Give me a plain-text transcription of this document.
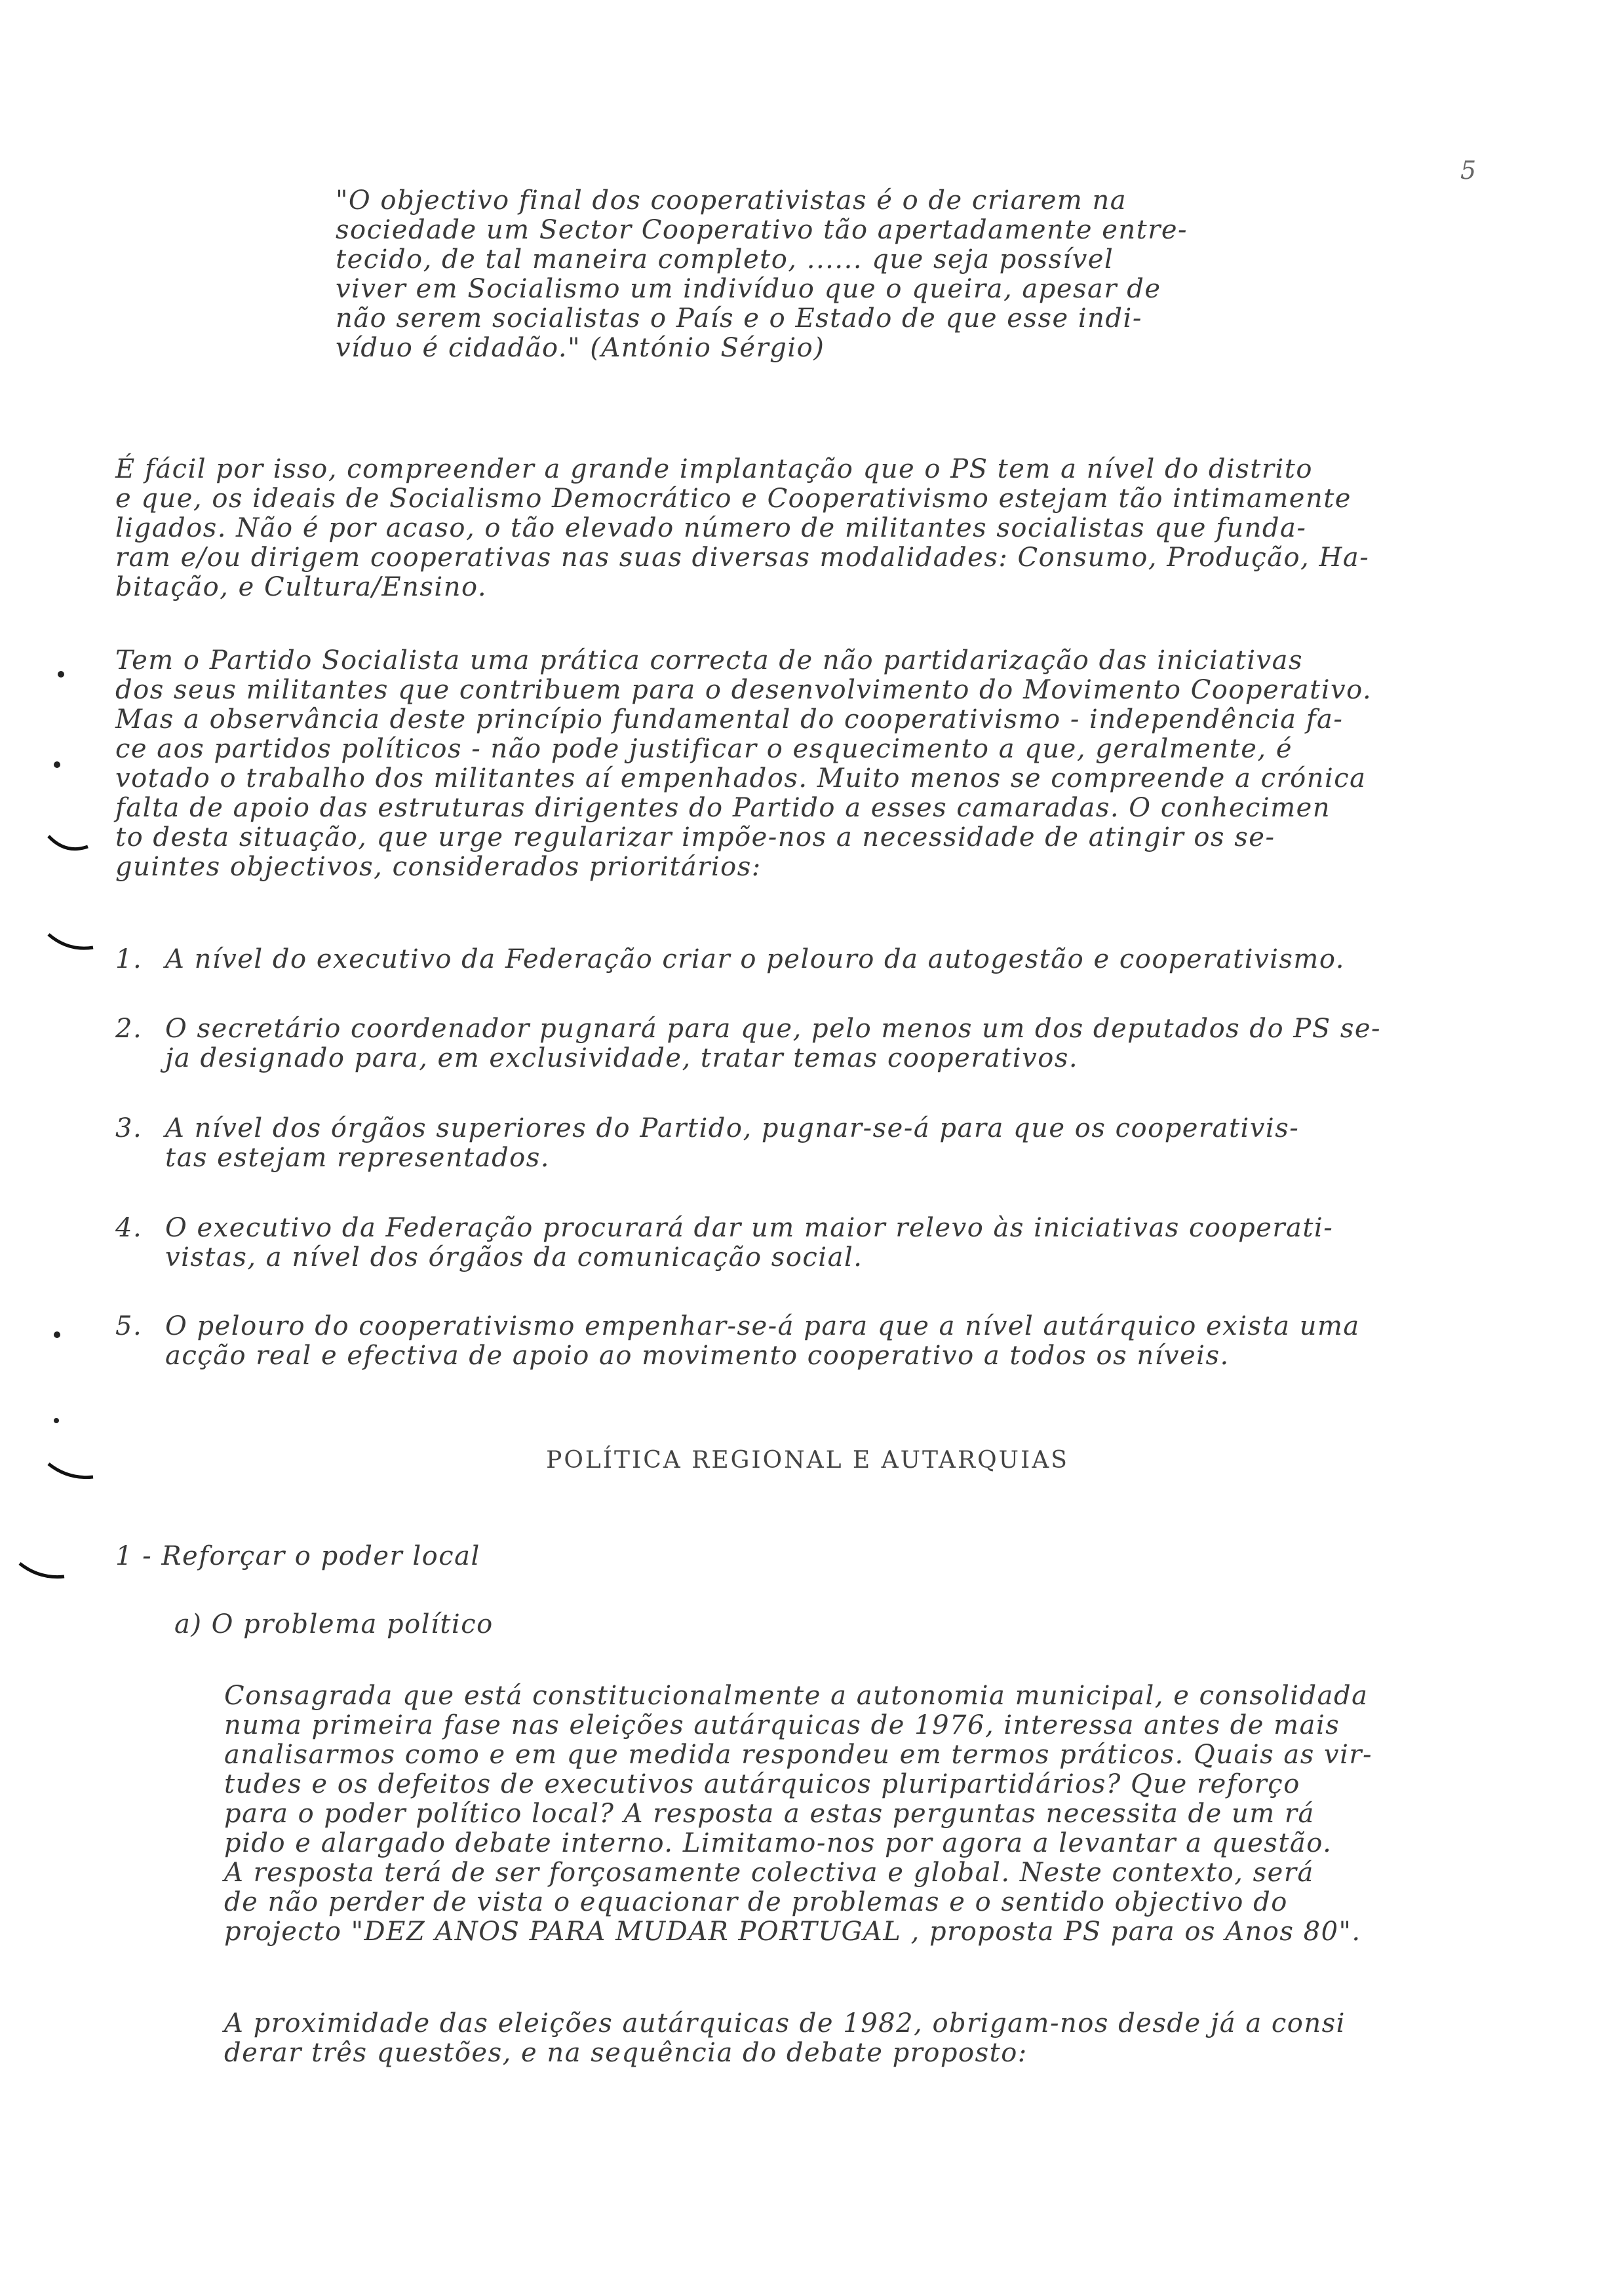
5
"O objectivo final dos cooperativistas é o de criarem na
sociedade um Sector Cooperativo tão apertadamente entre-
tecido, de tal maneira completo, ...... que seja possível
viver em Socialismo um indivíduo que o queira, apesar de
não serem socialistas o País e o Estado de que esse indi-
víduo é cidadão." (António Sérgio)
É fácil por isso, compreender a grande implantação que o PS tem a nível do distrito
e que, os ideais de Socialismo Democrático e Cooperativismo estejam tão intimamente
ligados. Não é por acaso, o tão elevado número de militantes socialistas que funda-
ram e/ou dirigem cooperativas nas suas diversas modalidades: Consumo, Produção, Ha-
bitação, e Cultura/Ensino.
Tem o Partido Socialista uma prática correcta de não partidarização das iniciativas
dos seus militantes que contribuem para o desenvolvimento do Movimento Cooperativo.
Mas a observância deste princípio fundamental do cooperativismo - independência fa-
ce aos partidos políticos - não pode justificar o esquecimento a que, geralmente, é
votado o trabalho dos militantes aí empenhados. Muito menos se compreende a crónica
falta de apoio das estruturas dirigentes do Partido a esses camaradas. O conhecimen
to desta situação, que urge regularizar impõe-nos a necessidade de atingir os se-
guintes objectivos, considerados prioritários:
1. A nível do executivo da Federação criar o pelouro da autogestão e cooperativismo.
2. O secretário coordenador pugnará para que, pelo menos um dos deputados do PS se-
ja designado para, em exclusividade, tratar temas cooperativos.
3. A nível dos órgãos superiores do Partido, pugnar-se-á para que os cooperativis-
tas estejam representados.
4. O executivo da Federação procurará dar um maior relevo às iniciativas cooperati-
vistas, a nível dos órgãos da comunicação social.
5. O pelouro do cooperativismo empenhar-se-á para que a nível autárquico exista uma
acção real e efectiva de apoio ao movimento cooperativo a todos os níveis.
POLÍTICA REGIONAL E AUTARQUIAS
1 - Reforçar o poder local
a) O problema político
Consagrada que está constitucionalmente a autonomia municipal, e consolidada
numa primeira fase nas eleições autárquicas de 1976, interessa antes de mais
analisarmos como e em que medida respondeu em termos práticos. Quais as vir-
tudes e os defeitos de executivos autárquicos pluripartidários? Que reforço
para o poder político local? A resposta a estas perguntas necessita de um rá
pido e alargado debate interno. Limitamo-nos por agora a levantar a questão.
A resposta terá de ser forçosamente colectiva e global. Neste contexto, será
de não perder de vista o equacionar de problemas e o sentido objectivo do
projecto "DEZ ANOS PARA MUDAR PORTUGAL , proposta PS para os Anos 80".
A proximidade das eleições autárquicas de 1982, obrigam-nos desde já a consi
derar três questões, e na sequência do debate proposto:
